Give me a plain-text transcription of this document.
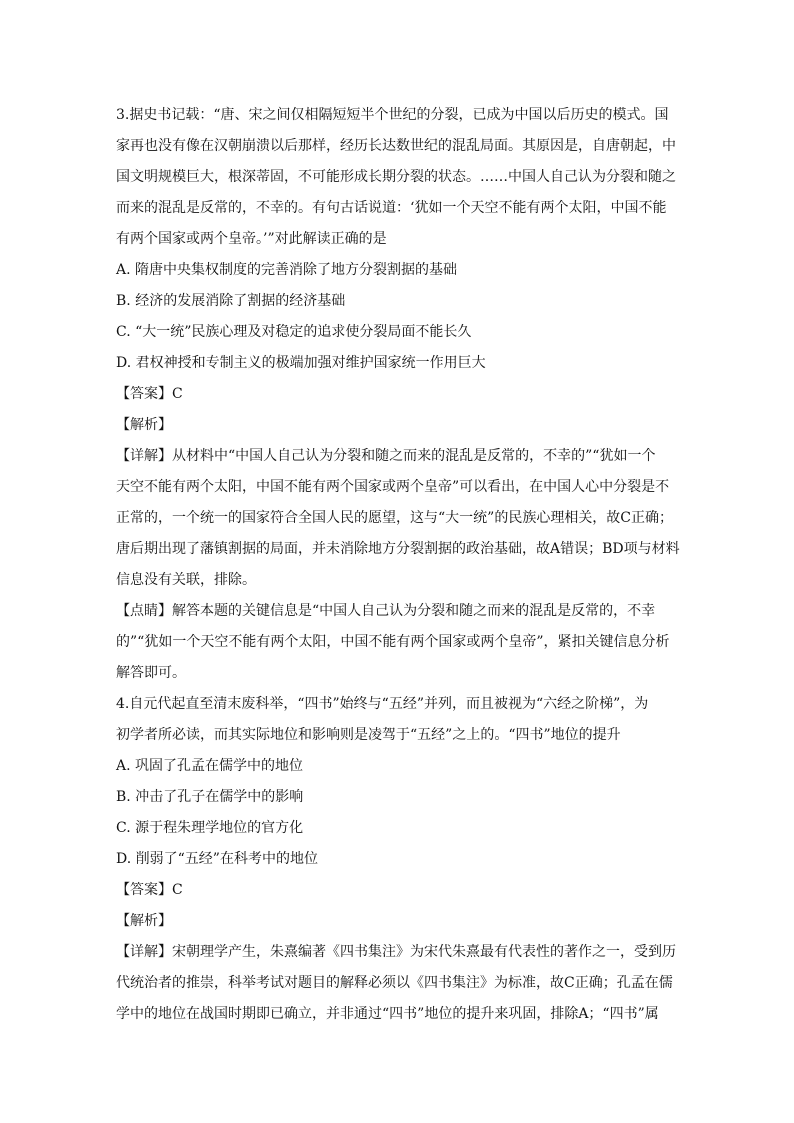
3.据史书记载：“唐、宋之间仅相隔短短半个世纪的分裂，已成为中国以后历史的模式。国
家再也没有像在汉朝崩溃以后那样，经历长达数世纪的混乱局面。其原因是，自唐朝起，中
国文明规模巨大，根深蒂固，不可能形成长期分裂的状态。……中国人自己认为分裂和随之
而来的混乱是反常的，不幸的。有句古话说道：‘犹如一个天空不能有两个太阳，中国不能
有两个国家或两个皇帝。’”对此解读正确的是
A. 隋唐中央集权制度的完善消除了地方分裂割据的基础
B. 经济的发展消除了割据的经济基础
C. “大一统”民族心理及对稳定的追求使分裂局面不能长久
D. 君权神授和专制主义的极端加强对维护国家统一作用巨大
【答案】C
【解析】
【详解】从材料中“中国人自己认为分裂和随之而来的混乱是反常的，不幸的”“犹如一个
天空不能有两个太阳，中国不能有两个国家或两个皇帝”可以看出，在中国人心中分裂是不
正常的，一个统一的国家符合全国人民的愿望，这与“大一统”的民族心理相关，故C正确；
唐后期出现了藩镇割据的局面，并未消除地方分裂割据的政治基础，故A错误；BD项与材料
信息没有关联，排除。
【点睛】解答本题的关键信息是“中国人自己认为分裂和随之而来的混乱是反常的，不幸
的”“犹如一个天空不能有两个太阳，中国不能有两个国家或两个皇帝”，紧扣关键信息分析
解答即可。
4.自元代起直至清末废科举，“四书”始终与“五经”并列，而且被视为“六经之阶梯”，为
初学者所必读，而其实际地位和影响则是凌驾于“五经”之上的。“四书”地位的提升
A. 巩固了孔孟在儒学中的地位
B. 冲击了孔子在儒学中的影响
C. 源于程朱理学地位的官方化
D. 削弱了“五经”在科考中的地位
【答案】C
【解析】
【详解】宋朝理学产生，朱熹编著《四书集注》为宋代朱熹最有代表性的著作之一，受到历
代统治者的推崇，科举考试对题目的解释必须以《四书集注》为标准，故C正确；孔孟在儒
学中的地位在战国时期即已确立，并非通过“四书”地位的提升来巩固，排除A；“四书”属
